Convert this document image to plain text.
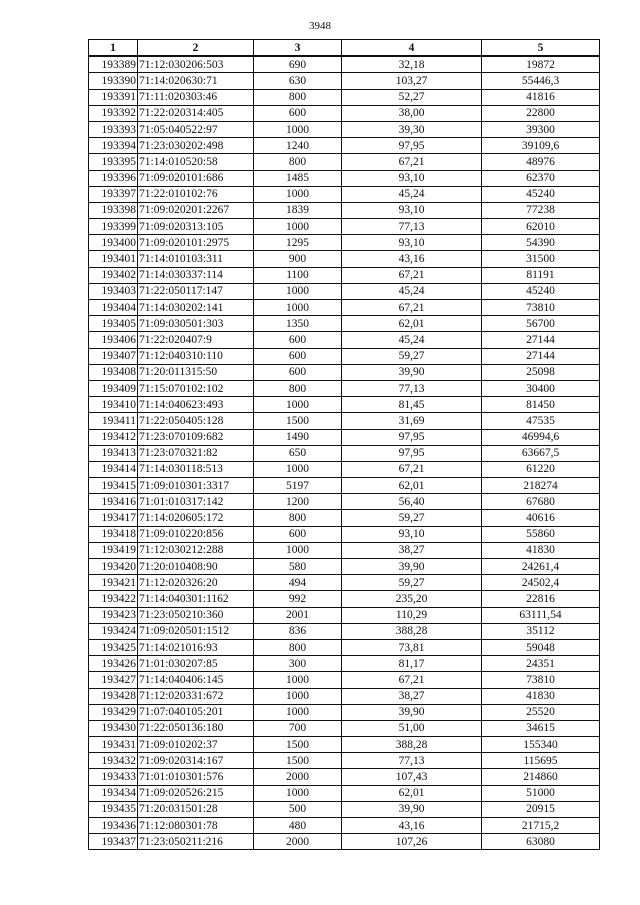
3948
1	2	3	4	5
193389	71:12:030206:503	690	32,18	19872
193390	71:14:020630:71	630	103,27	55446,3
193391	71:11:020303:46	800	52,27	41816
193392	71:22:020314:405	600	38,00	22800
193393	71:05:040522:97	1000	39,30	39300
193394	71:23:030202:498	1240	97,95	39109,6
193395	71:14:010520:58	800	67,21	48976
193396	71:09:020101:686	1485	93,10	62370
193397	71:22:010102:76	1000	45,24	45240
193398	71:09:020201:2267	1839	93,10	77238
193399	71:09:020313:105	1000	77,13	62010
193400	71:09:020101:2975	1295	93,10	54390
193401	71:14:010103:311	900	43,16	31500
193402	71:14:030337:114	1100	67,21	81191
193403	71:22:050117:147	1000	45,24	45240
193404	71:14:030202:141	1000	67,21	73810
193405	71:09:030501:303	1350	62,01	56700
193406	71:22:020407:9	600	45,24	27144
193407	71:12:040310:110	600	59,27	27144
193408	71:20:011315:50	600	39,90	25098
193409	71:15:070102:102	800	77,13	30400
193410	71:14:040623:493	1000	81,45	81450
193411	71:22:050405:128	1500	31,69	47535
193412	71:23:070109:682	1490	97,95	46994,6
193413	71:23:070321:82	650	97,95	63667,5
193414	71:14:030118:513	1000	67,21	61220
193415	71:09:010301:3317	5197	62,01	218274
193416	71:01:010317:142	1200	56,40	67680
193417	71:14:020605:172	800	59,27	40616
193418	71:09:010220:856	600	93,10	55860
193419	71:12:030212:288	1000	38,27	41830
193420	71:20:010408:90	580	39,90	24261,4
193421	71:12:020326:20	494	59,27	24502,4
193422	71:14:040301:1162	992	235,20	22816
193423	71:23:050210:360	2001	110,29	63111,54
193424	71:09:020501:1512	836	388,28	35112
193425	71:14:021016:93	800	73,81	59048
193426	71:01:030207:85	300	81,17	24351
193427	71:14:040406:145	1000	67,21	73810
193428	71:12:020331:672	1000	38,27	41830
193429	71:07:040105:201	1000	39,90	25520
193430	71:22:050136:180	700	51,00	34615
193431	71:09:010202:37	1500	388,28	155340
193432	71:09:020314:167	1500	77,13	115695
193433	71:01:010301:576	2000	107,43	214860
193434	71:09:020526:215	1000	62,01	51000
193435	71:20:031501:28	500	39,90	20915
193436	71:12:080301:78	480	43,16	21715,2
193437	71:23:050211:216	2000	107,26	63080
